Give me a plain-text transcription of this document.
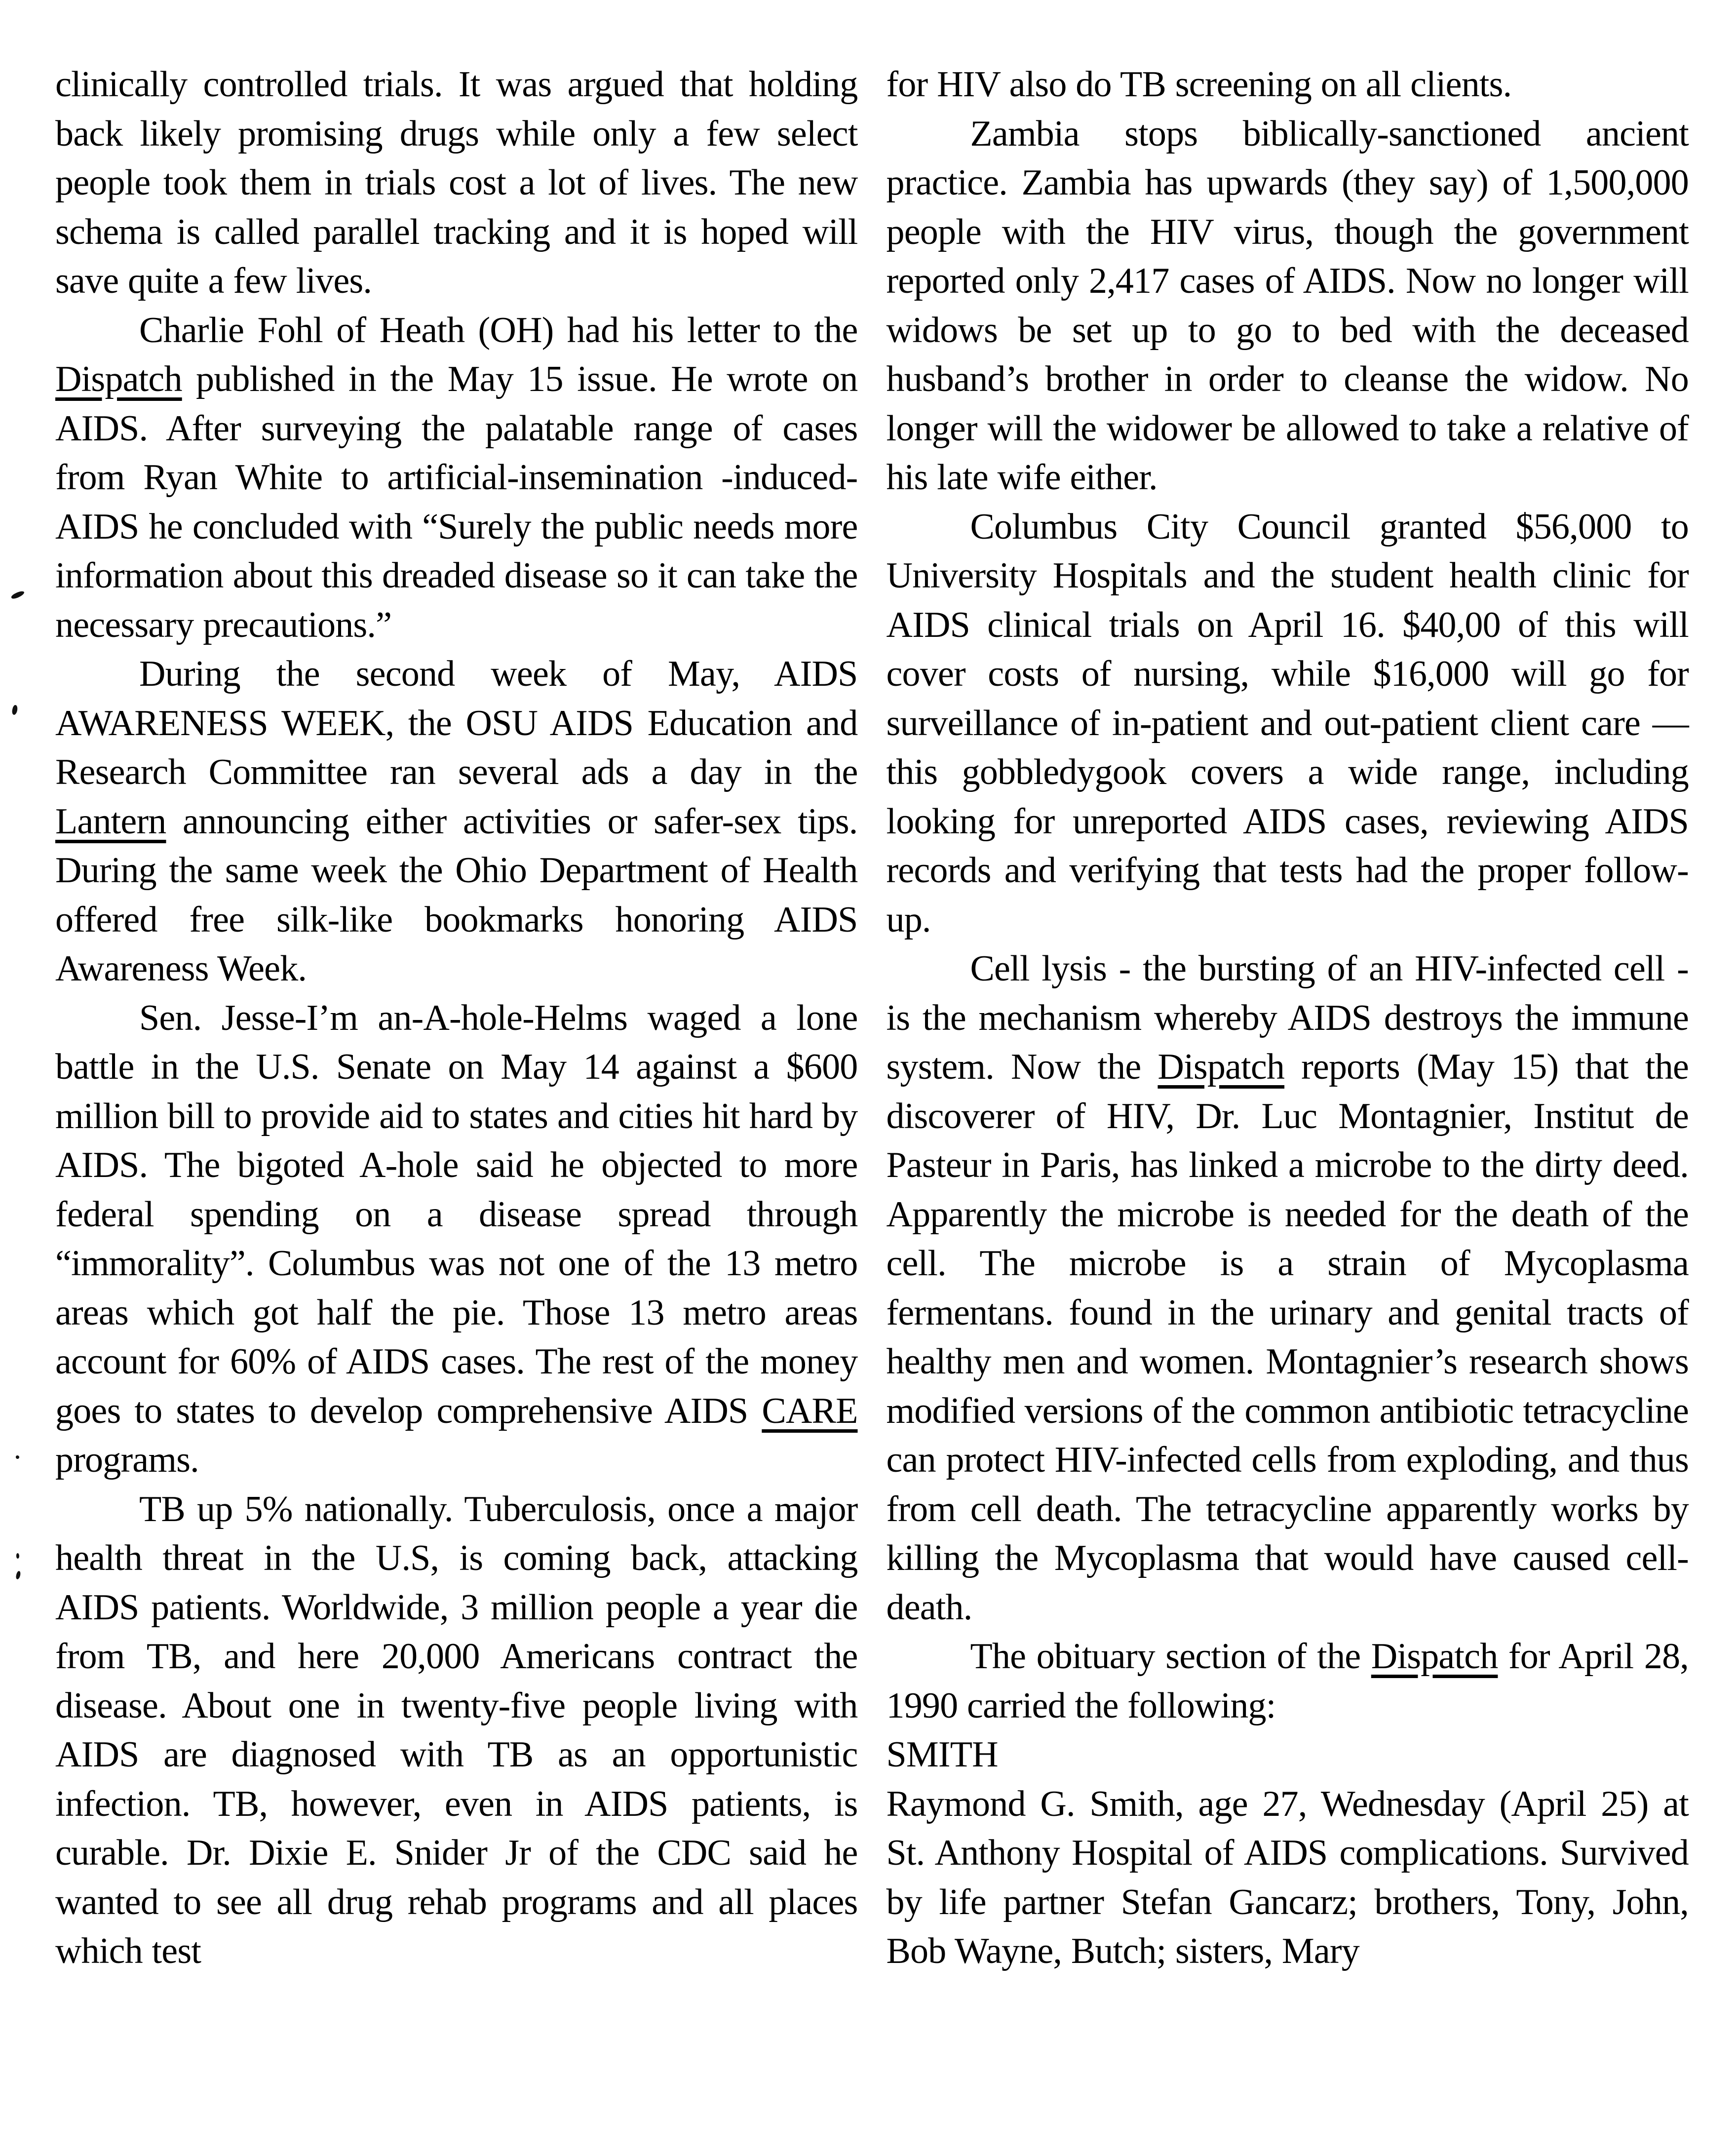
clinically controlled trials. It was argued that holding back likely promising drugs while only a few select people took them in trials cost a lot of lives. The new schema is called parallel tracking and it is hoped will save quite a few lives.

Charlie Fohl of Heath (OH) had his letter to the Dispatch published in the May 15 issue. He wrote on AIDS. After surveying the palatable range of cases from Ryan White to artificial-insemination -induced-AIDS he concluded with “Surely the public needs more information about this dreaded disease so it can take the necessary precautions.”

During the second week of May, AIDS AWARENESS WEEK, the OSU AIDS Education and Research Committee ran several ads a day in the Lantern announcing either activities or safer-sex tips. During the same week the Ohio Department of Health offered free silk-like bookmarks honoring AIDS Awareness Week.

Sen. Jesse-I’m an-A-hole-Helms waged a lone battle in the U.S. Senate on May 14 against a $600 million bill to provide aid to states and cities hit hard by AIDS. The bigoted A-hole said he objected to more federal spending on a disease spread through “immorality”. Columbus was not one of the 13 metro areas which got half the pie. Those 13 metro areas account for 60% of AIDS cases. The rest of the money goes to states to develop comprehensive AIDS CARE programs.

TB up 5% nationally. Tuberculosis, once a major health threat in the U.S, is coming back, attacking AIDS patients. Worldwide, 3 million people a year die from TB, and here 20,000 Americans contract the disease. About one in twenty-five people living with AIDS are diagnosed with TB as an opportunistic infection. TB, however, even in AIDS patients, is curable. Dr. Dixie E. Snider Jr of the CDC said he wanted to see all drug rehab programs and all places which test

for HIV also do TB screening on all clients.

Zambia stops biblically-sanctioned ancient practice. Zambia has upwards (they say) of 1,500,000 people with the HIV virus, though the government reported only 2,417 cases of AIDS. Now no longer will widows be set up to go to bed with the deceased husband’s brother in order to cleanse the widow. No longer will the widower be allowed to take a relative of his late wife either.

Columbus City Council granted $56,000 to University Hospitals and the student health clinic for AIDS clinical trials on April 16. $40,00 of this will cover costs of nursing, while $16,000 will go for surveillance of in-patient and out-patient client care —this gobbledygook covers a wide range, including looking for unreported AIDS cases, reviewing AIDS records and verifying that tests had the proper follow-up.

Cell lysis - the bursting of an HIV-infected cell - is the mechanism whereby AIDS destroys the immune system. Now the Dispatch reports (May 15) that the discoverer of HIV, Dr. Luc Montagnier, Institut de Pasteur in Paris, has linked a microbe to the dirty deed. Apparently the microbe is needed for the death of the cell. The microbe is a strain of Mycoplasma fermentans. found in the urinary and genital tracts of healthy men and women. Montagnier’s research shows modified versions of the common antibiotic tetracycline can protect HIV-infected cells from exploding, and thus from cell death. The tetracycline apparently works by killing the Mycoplasma that would have caused cell-death.

The obituary section of the Dispatch for April 28, 1990 carried the following:

SMITH

Raymond G. Smith, age 27, Wednesday (April 25) at St. Anthony Hospital of AIDS complications. Survived by life partner Stefan Gancarz; brothers, Tony, John, Bob Wayne, Butch; sisters, Mary
